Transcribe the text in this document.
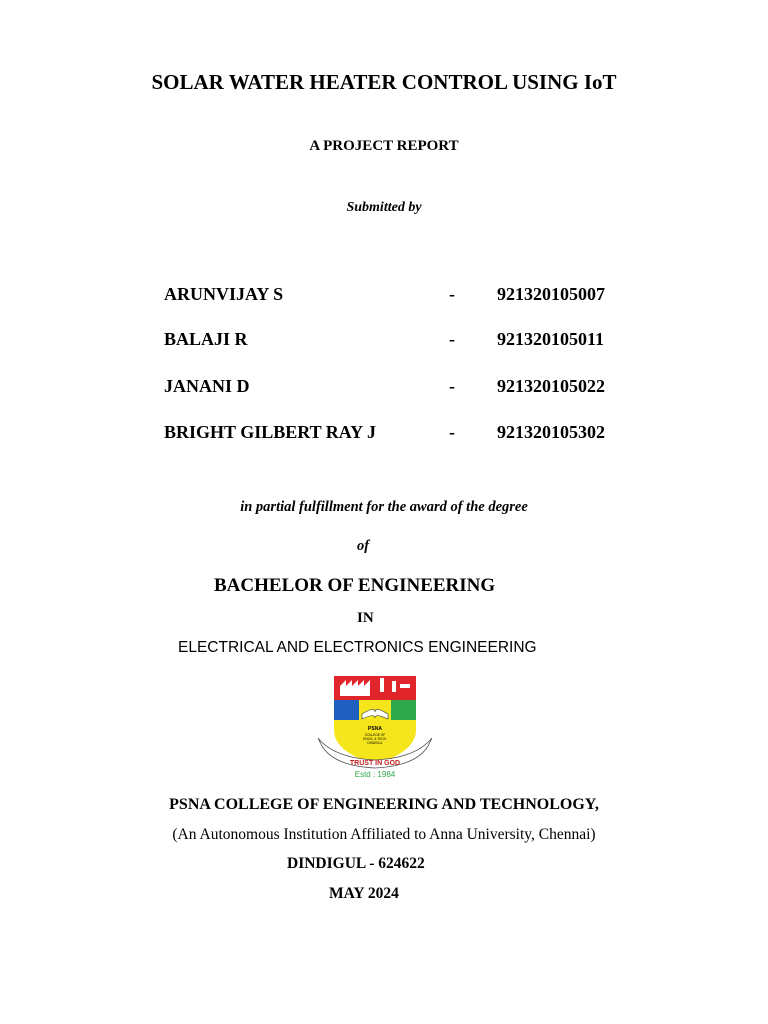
SOLAR WATER HEATER CONTROL USING IoT
A PROJECT REPORT
Submitted by
ARUNVIJAY S	- 921320105007
BALAJI R	- 921320105011
JANANI D	- 921320105022
BRIGHT GILBERT RAY J	- 921320105302
in partial fulfillment for the award of the degree
of
BACHELOR OF ENGINEERING
IN
ELECTRICAL AND ELECTRONICS ENGINEERING
PSNA
COLLEGE OF
ENGG. & TECH.
DINDIGUL
TRUST IN GOD
Estd : 1984
PSNA COLLEGE OF ENGINEERING AND TECHNOLOGY,
(An Autonomous Institution Affiliated to Anna University, Chennai)
DINDIGUL - 624622
MAY 2024
